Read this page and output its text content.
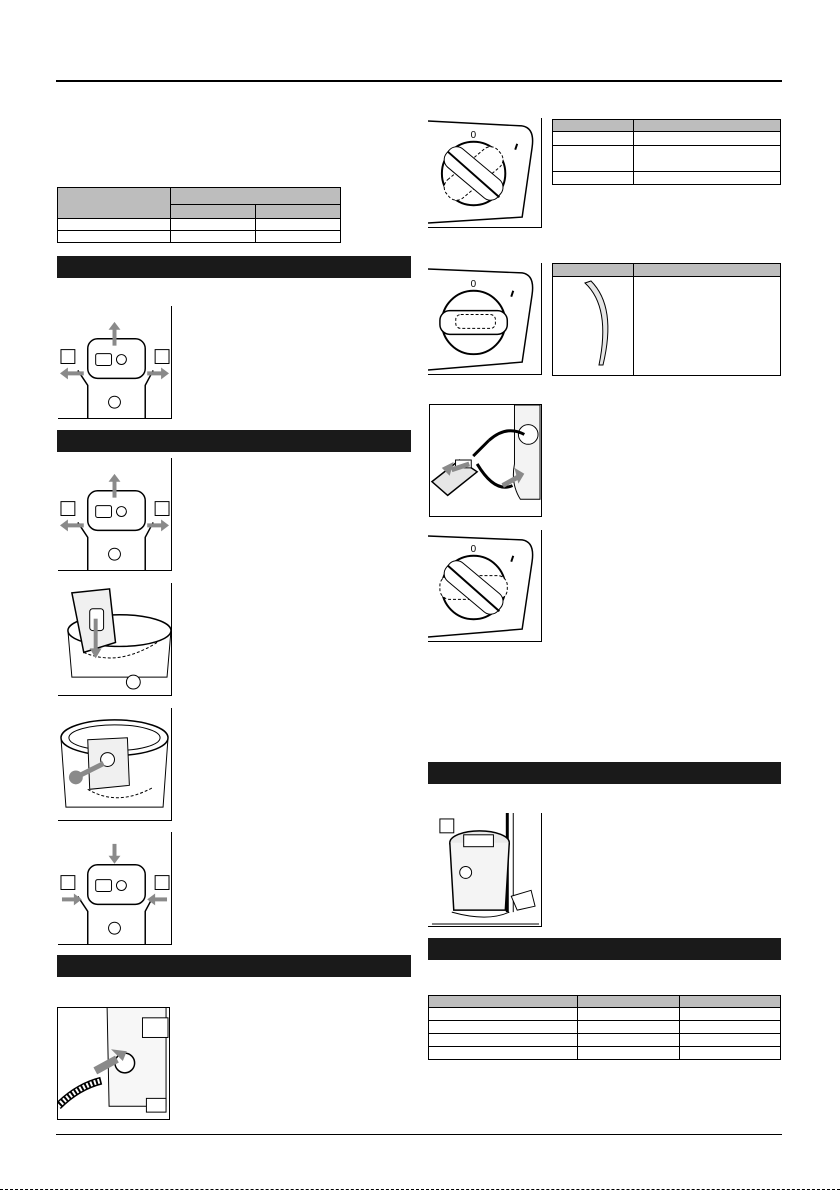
0

0

0
